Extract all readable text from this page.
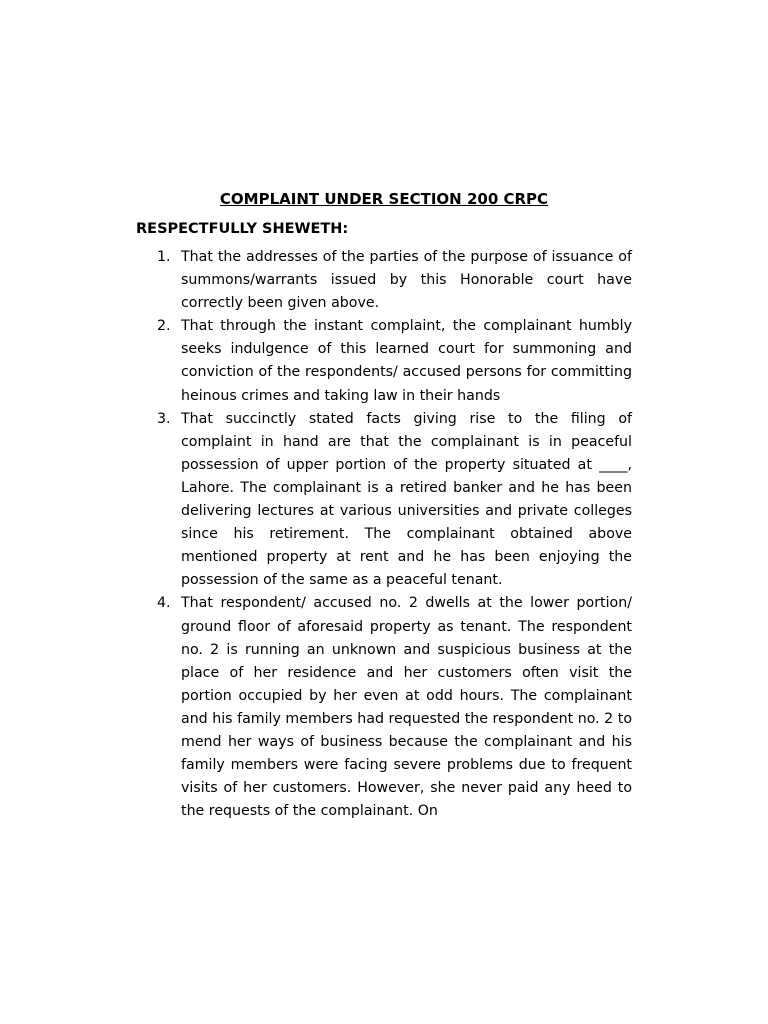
COMPLAINT UNDER SECTION 200 CRPC
RESPECTFULLY SHEWETH:
1. That the addresses of the parties of the purpose of issuance of summons/warrants issued by this Honorable court have correctly been given above.
2. That through the instant complaint, the complainant humbly seeks indulgence of this learned court for summoning and conviction of the respondents/ accused persons for committing heinous crimes and taking law in their hands
3. That succinctly stated facts giving rise to the filing of complaint in hand are that the complainant is in peaceful possession of upper portion of the property situated at ____, Lahore. The complainant is a retired banker and he has been delivering lectures at various universities and private colleges since his retirement. The complainant obtained above mentioned property at rent and he has been enjoying the possession of the same as a peaceful tenant.
4. That respondent/ accused no. 2 dwells at the lower portion/ ground floor of aforesaid property as tenant. The respondent no. 2 is running an unknown and suspicious business at the place of her residence and her customers often visit the portion occupied by her even at odd hours. The complainant and his family members had requested the respondent no. 2 to mend her ways of business because the complainant and his family members were facing severe problems due to frequent visits of her customers. However, she never paid any heed to the requests of the complainant. On
